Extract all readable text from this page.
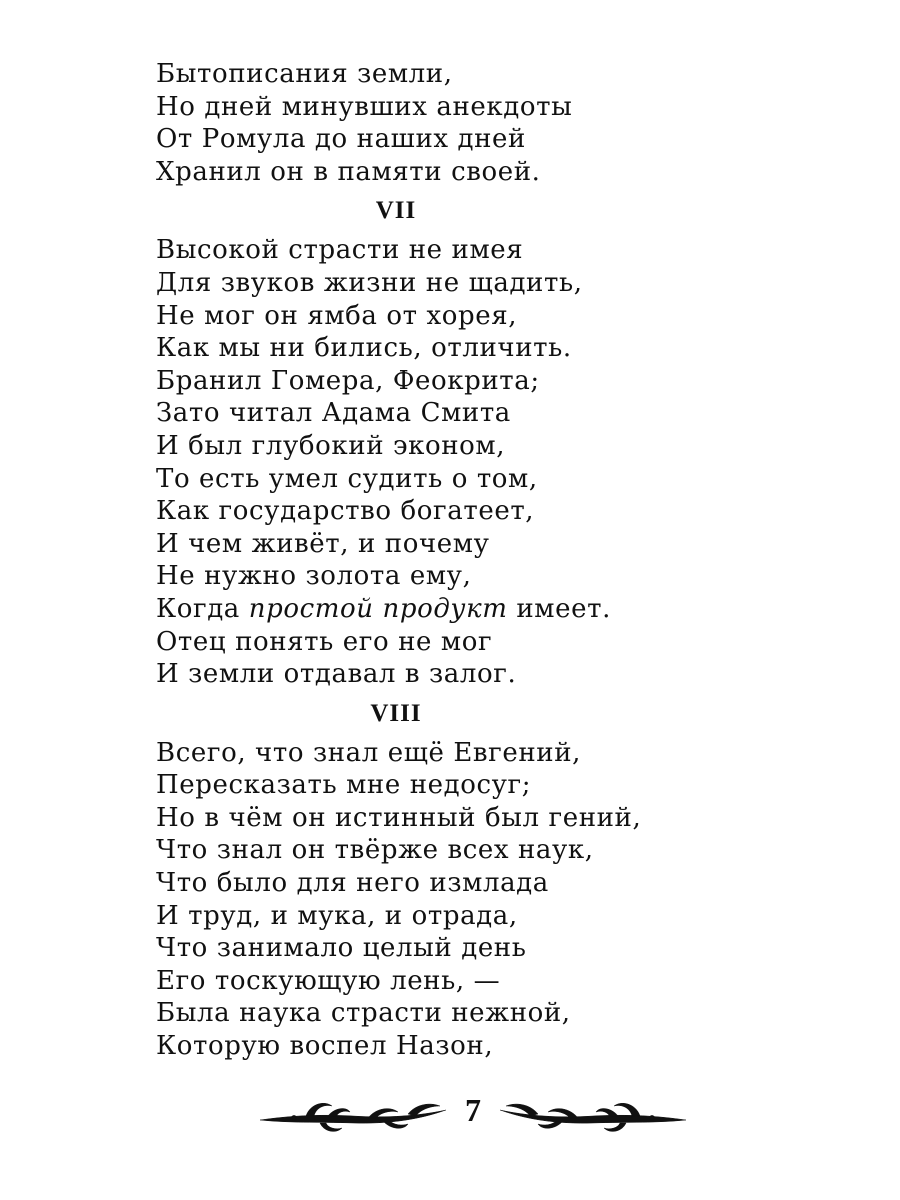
Бытописания земли,
Но дней минувших анекдоты
От Ромула до наших дней
Хранил он в памяти своей.
VII
Высокой страсти не имея
Для звуков жизни не щадить,
Не мог он ямба от хорея,
Как мы ни бились, отличить.
Бранил Гомера, Феокрита;
Зато читал Адама Смита
И был глубокий эконом,
То есть умел судить о том,
Как государство богатеет,
И чем живёт, и почему
Не нужно золота ему,
Когда простой продукт имеет.
Отец понять его не мог
И земли отдавал в залог.
VIII
Всего, что знал ещё Евгений,
Пересказать мне недосуг;
Но в чём он истинный был гений,
Что знал он твёрже всех наук,
Что было для него измлада
И труд, и мука, и отрада,
Что занимало целый день
Его тоскующую лень, —
Была наука страсти нежной,
Которую воспел Назон,
7
